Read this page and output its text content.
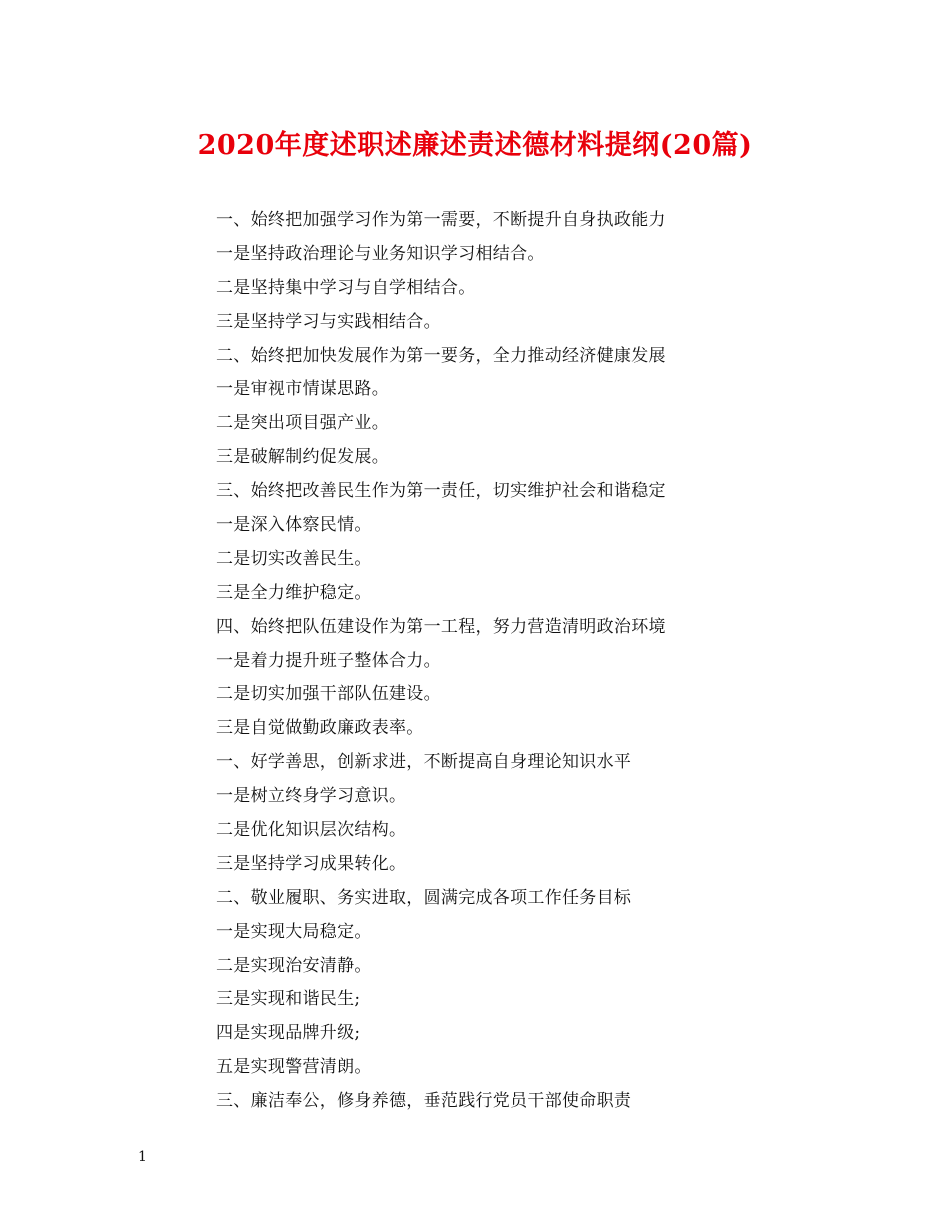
2020年度述职述廉述责述德材料提纲(20篇)
一、始终把加强学习作为第一需要，不断提升自身执政能力
一是坚持政治理论与业务知识学习相结合。
二是坚持集中学习与自学相结合。
三是坚持学习与实践相结合。
二、始终把加快发展作为第一要务，全力推动经济健康发展
一是审视市情谋思路。
二是突出项目强产业。
三是破解制约促发展。
三、始终把改善民生作为第一责任，切实维护社会和谐稳定
一是深入体察民情。
二是切实改善民生。
三是全力维护稳定。
四、始终把队伍建设作为第一工程，努力营造清明政治环境
一是着力提升班子整体合力。
二是切实加强干部队伍建设。
三是自觉做勤政廉政表率。
一、好学善思，创新求进，不断提高自身理论知识水平
一是树立终身学习意识。
二是优化知识层次结构。
三是坚持学习成果转化。
二、敬业履职、务实进取，圆满完成各项工作任务目标
一是实现大局稳定。
二是实现治安清静。
三是实现和谐民生;
四是实现品牌升级;
五是实现警营清朗。
三、廉洁奉公，修身养德，垂范践行党员干部使命职责
1
